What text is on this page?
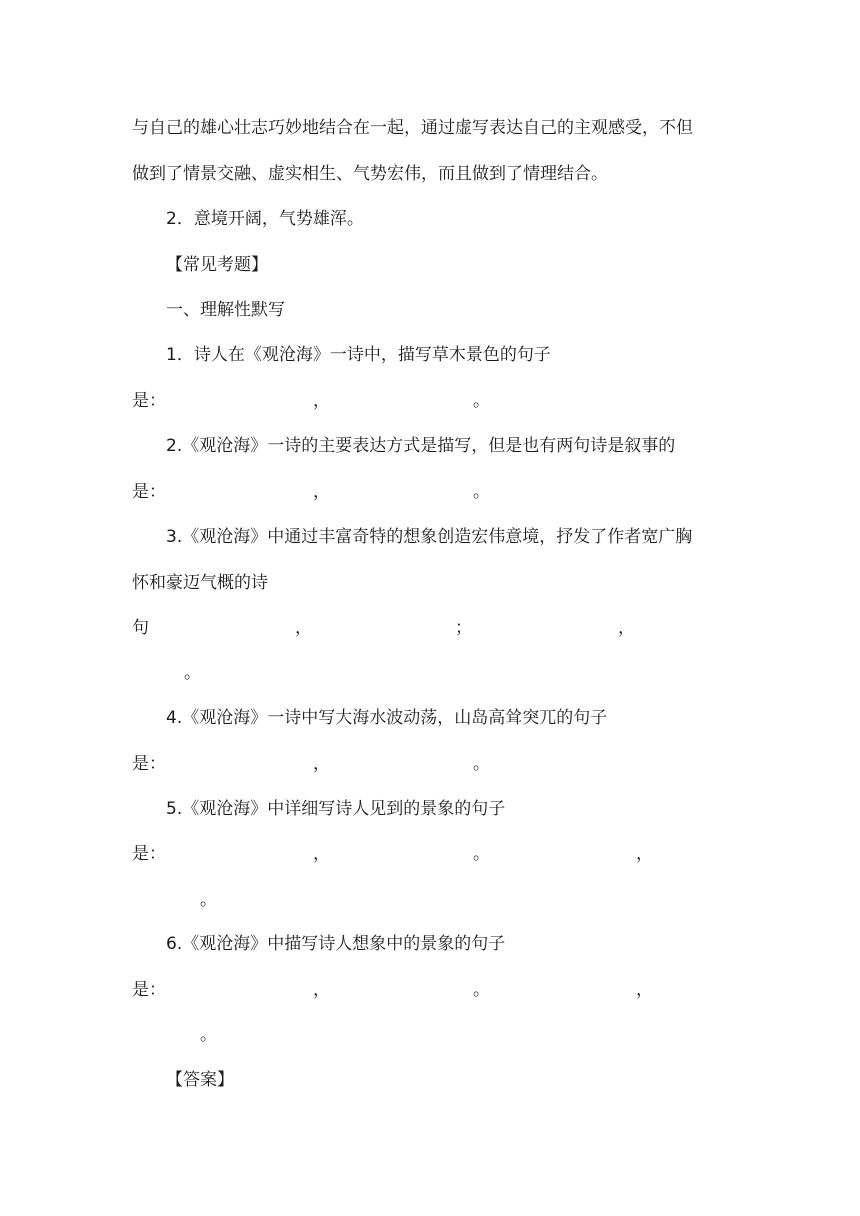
与自己的雄心壮志巧妙地结合在一起，通过虚写表达自己的主观感受，不但
做到了情景交融、虚实相生、气势宏伟，而且做到了情理结合。
2．意境开阔，气势雄浑。
【常见考题】
一、理解性默写
1．诗人在《观沧海》一诗中，描写草木景色的句子
是：	，	。
2.《观沧海》一诗的主要表达方式是描写，但是也有两句诗是叙事的
是：	，	。
3.《观沧海》中通过丰富奇特的想象创造宏伟意境，抒发了作者宽广胸
怀和豪迈气概的诗
句	，	；	，
。
4.《观沧海》一诗中写大海水波动荡，山岛高耸突兀的句子
是：	，	。
5.《观沧海》中详细写诗人见到的景象的句子
是：	，	。	，
。
6.《观沧海》中描写诗人想象中的景象的句子
是：	，	。	，
。
【答案】
